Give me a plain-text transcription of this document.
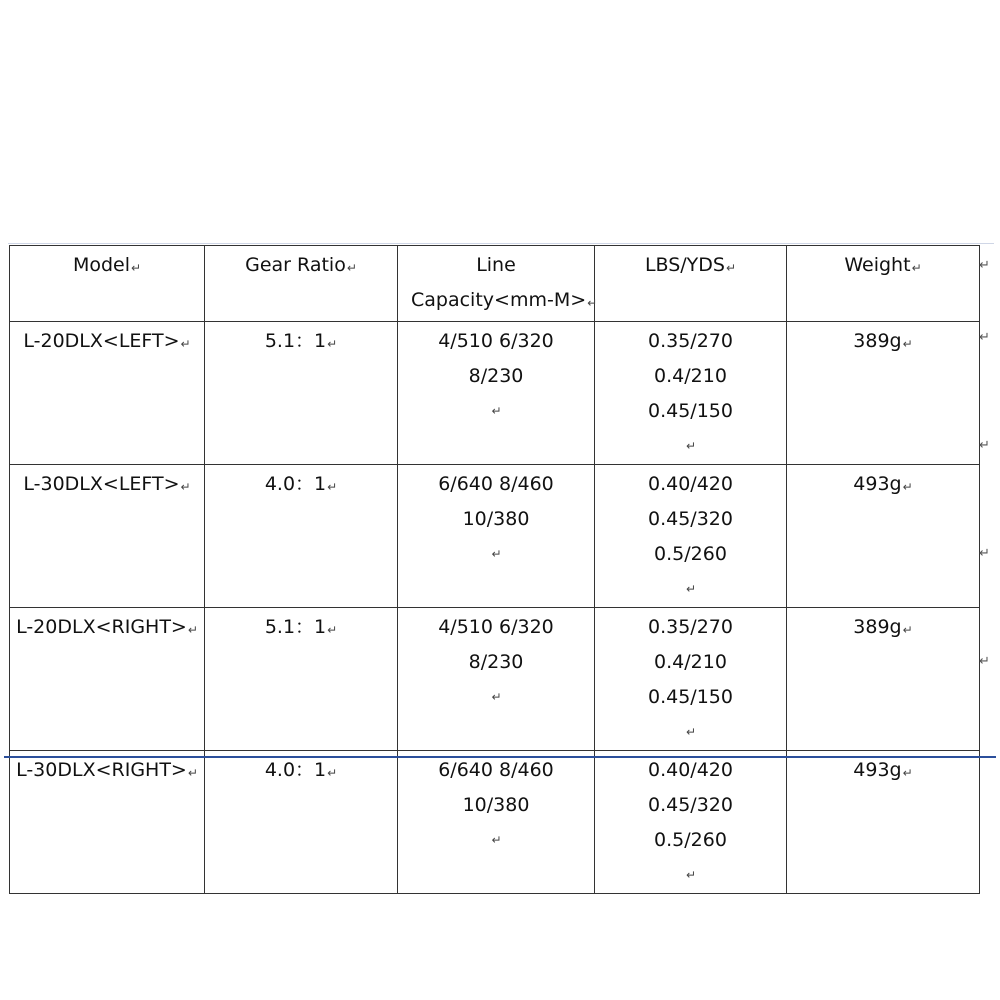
Model↵	Gear Ratio↵	Line
Capacity<mm-M>↵	LBS/YDS↵	Weight↵
L-20DLX<LEFT>↵	5.1：1↵	4/510 6/320
8/230
↵	0.35/270
0.4/210
0.45/150
↵	389g↵
L-30DLX<LEFT>↵	4.0：1↵	6/640 8/460
10/380
↵	0.40/420
0.45/320
0.5/260
↵	493g↵
L-20DLX<RIGHT>↵	5.1：1↵	4/510 6/320
8/230
↵	0.35/270
0.4/210
0.45/150
↵	389g↵
L-30DLX<RIGHT>↵	4.0：1↵	6/640 8/460
10/380
↵	0.40/420
0.45/320
0.5/260
↵	493g↵
↵
↵
↵
↵
↵
